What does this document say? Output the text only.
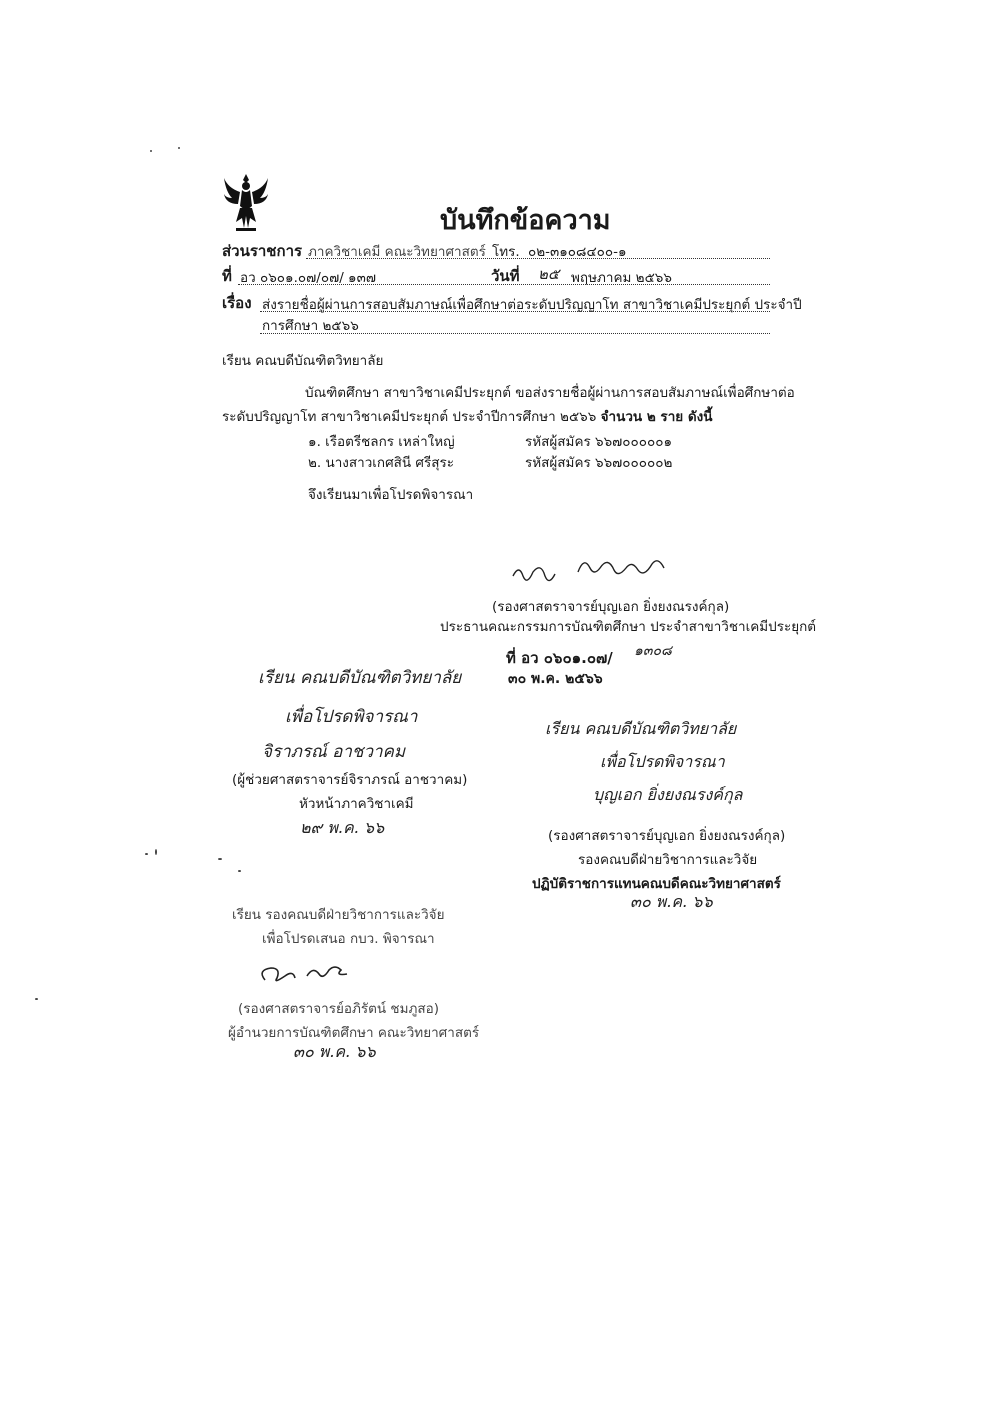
บันทึกข้อความ
ส่วนราชการ ภาควิชาเคมี คณะวิทยาศาสตร์ โทร. ๐๒-๓๑๐๘๔๐๐-๑
ที่ อว ๐๖๐๑.๐๗/๐๗/ ๑๓๗	วันที่ ๒๕ พฤษภาคม ๒๕๖๖
เรื่อง ส่งรายชื่อผู้ผ่านการสอบสัมภาษณ์เพื่อศึกษาต่อระดับปริญญาโท สาขาวิชาเคมีประยุกต์ ประจำปี
การศึกษา ๒๕๖๖
เรียน คณบดีบัณฑิตวิทยาลัย
บัณฑิตศึกษา สาขาวิชาเคมีประยุกต์ ขอส่งรายชื่อผู้ผ่านการสอบสัมภาษณ์เพื่อศึกษาต่อ
ระดับปริญญาโท สาขาวิชาเคมีประยุกต์ ประจำปีการศึกษา ๒๕๖๖ จำนวน ๒ ราย ดังนี้
๑. เรือตรีชลกร เหล่าใหญ่	รหัสผู้สมัคร ๖๖๗๐๐๐๐๐๑
๒. นางสาวเกศสินี ศรีสุระ	รหัสผู้สมัคร ๖๖๗๐๐๐๐๐๒
จึงเรียนมาเพื่อโปรดพิจารณา
(รองศาสตราจารย์บุญเอก ยิ่งยงณรงค์กุล)
ประธานคณะกรรมการบัณฑิตศึกษา ประจำสาขาวิชาเคมีประยุกต์
ที่ อว ๐๖๐๑.๐๗/ ๑๓๐๘
๓๐ พ.ค. ๒๕๖๖
เรียน คณบดีบัณฑิตวิทยาลัย
เพื่อโปรดพิจารณา
จิราภรณ์ อาชวาคม
(ผู้ช่วยศาสตราจารย์จิราภรณ์ อาชวาคม)
หัวหน้าภาควิชาเคมี
๒๙ พ.ค. ๖๖
เรียน คณบดีบัณฑิตวิทยาลัย
เพื่อโปรดพิจารณา
บุญเอก ยิ่งยงณรงค์กุล
(รองศาสตราจารย์บุญเอก ยิ่งยงณรงค์กุล)
รองคณบดีฝ่ายวิชาการและวิจัย
ปฏิบัติราชการแทนคณบดีคณะวิทยาศาสตร์
๓๐ พ.ค. ๖๖
เรียน รองคณบดีฝ่ายวิชาการและวิจัย
เพื่อโปรดเสนอ กบว. พิจารณา
(รองศาสตราจารย์อภิรัตน์ ชมภูสอ)
ผู้อำนวยการบัณฑิตศึกษา คณะวิทยาศาสตร์
๓๐ พ.ค. ๖๖
